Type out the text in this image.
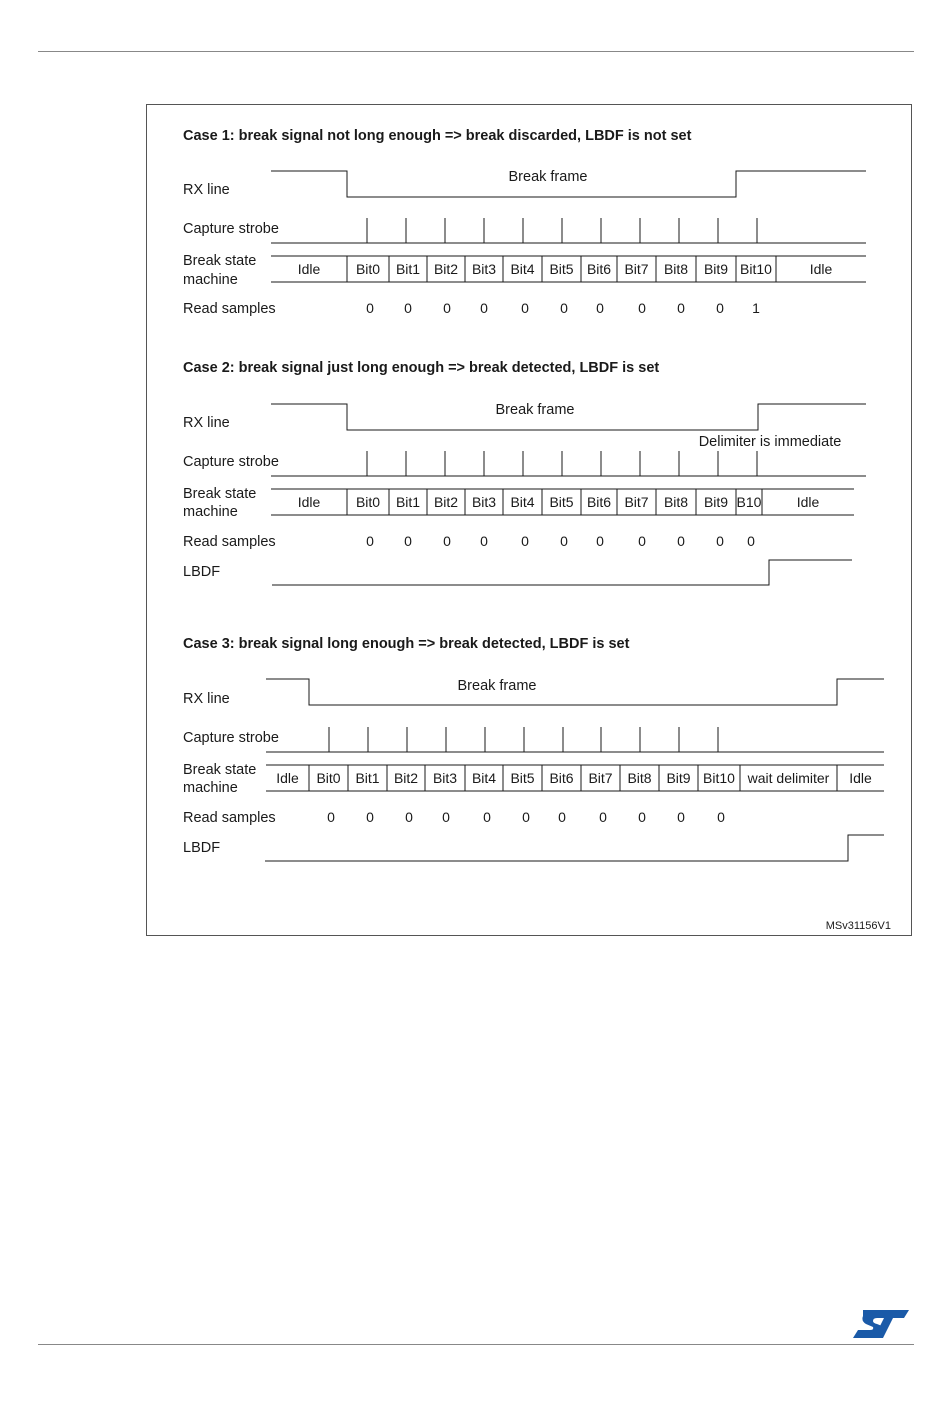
Case 1: break signal not long enough => break discarded, LBDF is not set
RX line
Break frame
Capture strobe
Break state
machine
Idle	Bit0 Bit1 Bit2 Bit3 Bit4 Bit5 Bit6 Bit7 Bit8 Bit9 Bit10	Idle
Read samples	0 0 0 0 0 0 0 0 0 0 1
Case 2: break signal just long enough => break detected, LBDF is set
RX line
Break frame
Delimiter is immediate
Capture strobe
Break state
machine
Idle	Bit0 Bit1 Bit2 Bit3 Bit4 Bit5 Bit6 Bit7 Bit8 Bit9 B10	Idle
Read samples	0 0 0 0 0 0 0 0 0 0 0
LBDF
Case 3: break signal long enough => break detected, LBDF is set
RX line
Break frame
Capture strobe
Break state
machine
Idle Bit0 Bit1 Bit2 Bit3 Bit4 Bit5 Bit6 Bit7 Bit8 Bit9 Bit10 wait delimiter Idle
Read samples	0 0 0 0 0 0 0 0 0 0 0
LBDF
MSv31156V1
